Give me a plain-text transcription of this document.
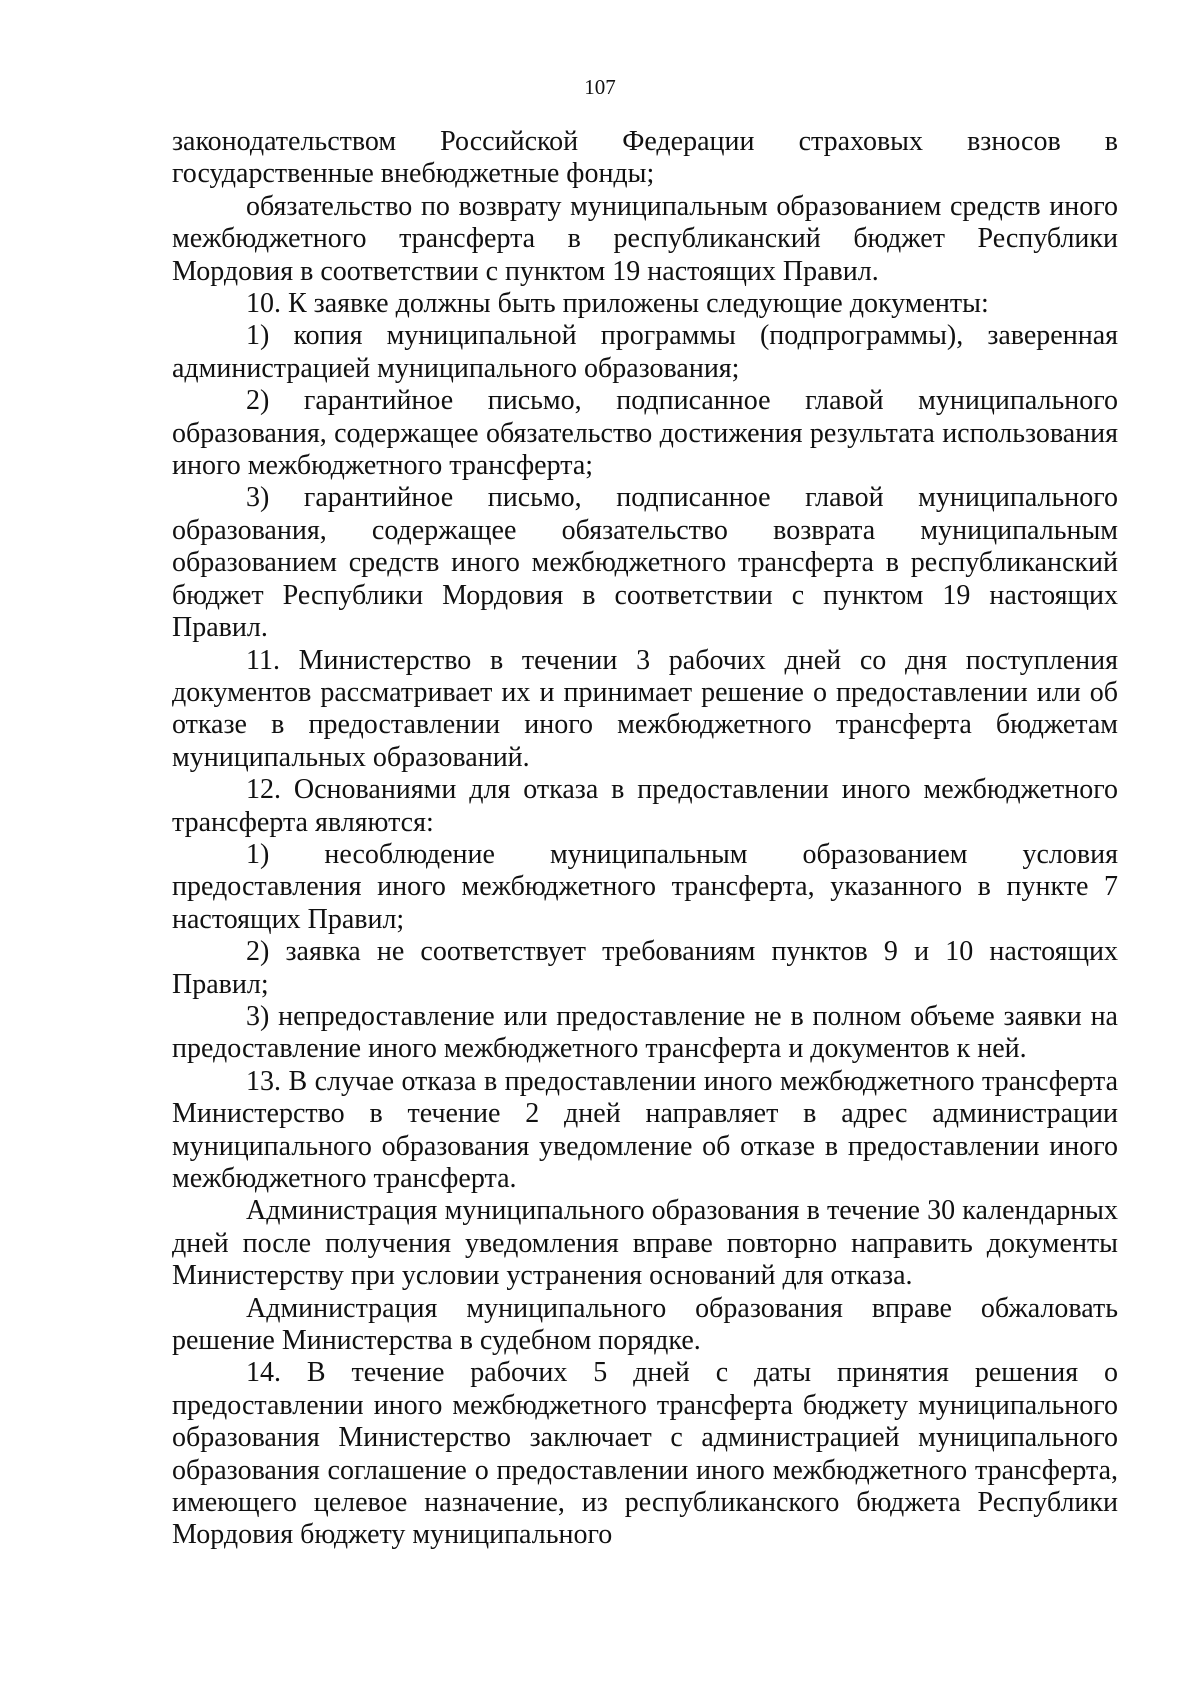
107

законодательством Российской Федерации страховых взносов в государственные внебюджетные фонды;

обязательство по возврату муниципальным образованием средств иного межбюджетного трансферта в республиканский бюджет Республики Мордовия в соответствии с пунктом 19 настоящих Правил.

10. К заявке должны быть приложены следующие документы:

1) копия муниципальной программы (подпрограммы), заверенная администрацией муниципального образования;

2) гарантийное письмо, подписанное главой муниципального образования, содержащее обязательство достижения результата использования иного межбюджетного трансферта;

3) гарантийное письмо, подписанное главой муниципального образования, содержащее обязательство возврата муниципальным образованием средств иного межбюджетного трансферта в республиканский бюджет Республики Мордовия в соответствии с пунктом 19 настоящих Правил.

11. Министерство в течении 3 рабочих дней со дня поступления документов рассматривает их и принимает решение о предоставлении или об отказе в предоставлении иного межбюджетного трансферта бюджетам муниципальных образований.

12. Основаниями для отказа в предоставлении иного межбюджетного трансферта являются:

1) несоблюдение муниципальным образованием условия предоставления иного межбюджетного трансферта, указанного в пункте 7 настоящих Правил;

2) заявка не соответствует требованиям пунктов 9 и 10 настоящих Правил;

3) непредоставление или предоставление не в полном объеме заявки на предоставление иного межбюджетного трансферта и документов к ней.

13. В случае отказа в предоставлении иного межбюджетного трансферта Министерство в течение 2 дней направляет в адрес администрации муниципального образования уведомление об отказе в предоставлении иного межбюджетного трансферта.

Администрация муниципального образования в течение 30 календарных дней после получения уведомления вправе повторно направить документы Министерству при условии устранения оснований для отказа.

Администрация муниципального образования вправе обжаловать решение Министерства в судебном порядке.

14. В течение рабочих 5 дней с даты принятия решения о предоставлении иного межбюджетного трансферта бюджету муниципального образования Министерство заключает с администрацией муниципального образования соглашение о предоставлении иного межбюджетного трансферта, имеющего целевое назначение, из республиканского бюджета Республики Мордовия бюджету муниципального
